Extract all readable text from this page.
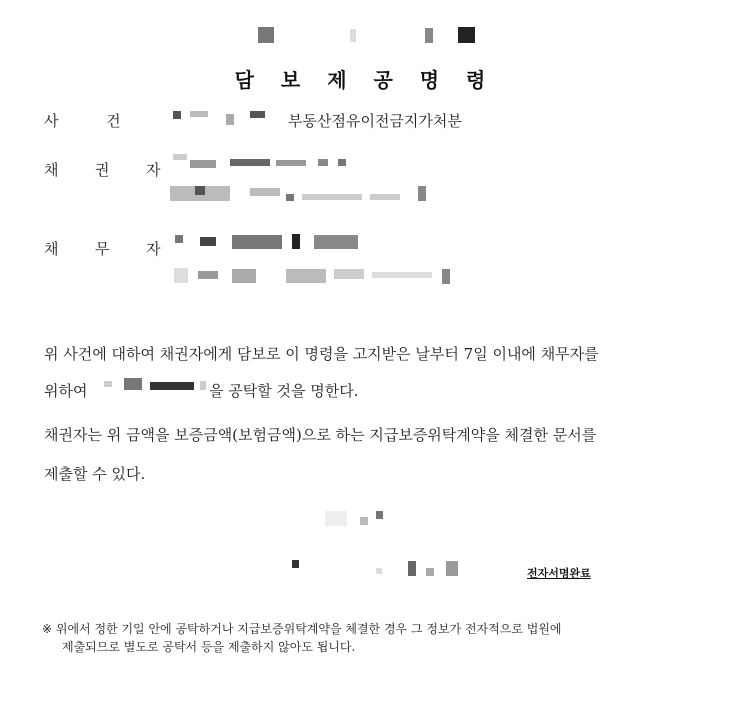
담 보 제 공 명 령
사          건	부동산점유이전금지가처분
채  권  자
채  무  자
위 사건에 대하여 채권자에게 담보로 이 명령을 고지받은 날부터 7일 이내에 채무자를
위하여	을 공탁할 것을 명한다.
채권자는 위 금액을 보증금액(보험금액)으로 하는 지급보증위탁계약을 체결한 문서를
제출할 수 있다.
전자서명완료
※ 위에서 정한 기일 안에 공탁하거나 지급보증위탁계약을 체결한 경우 그 정보가 전자적으로 법원에
제출되므로 별도로 공탁서 등을 제출하지 않아도 됩니다.
